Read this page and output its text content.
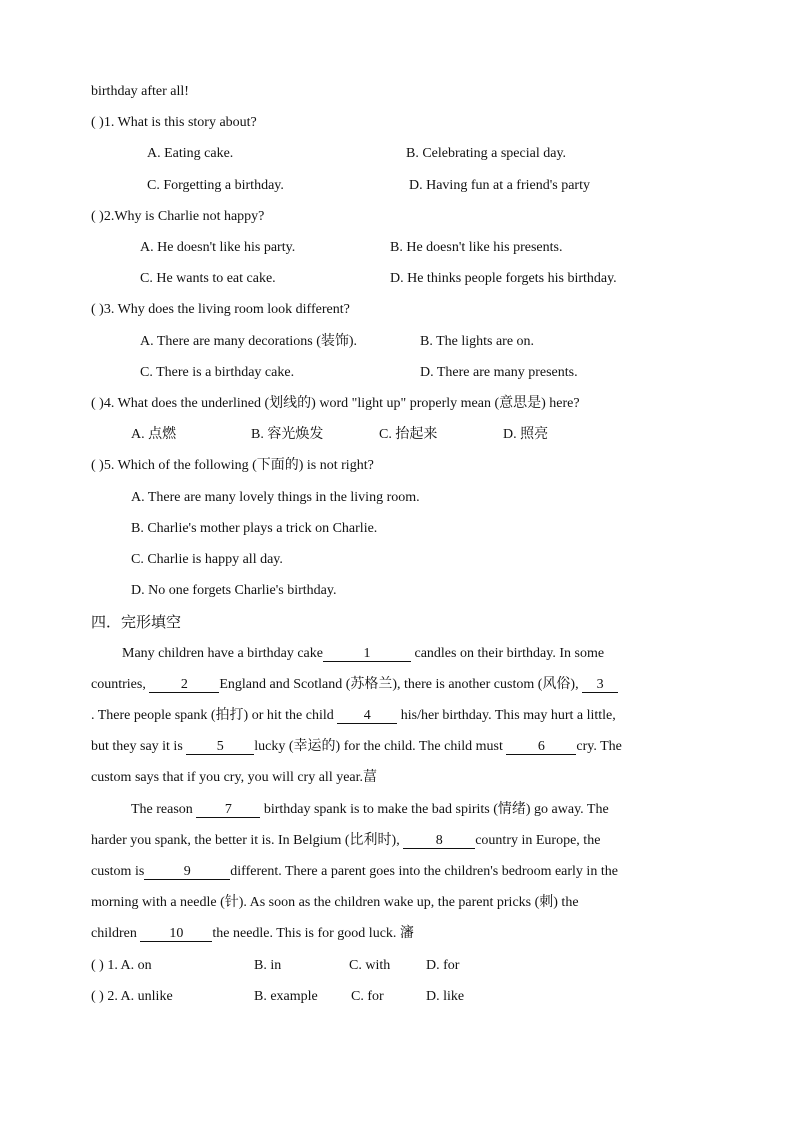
birthday after all!
( )1. What is this story about?
A. Eating cake.	B. Celebrating a special day.
C. Forgetting a birthday.	D. Having fun at a friend's party
( )2.Why is Charlie not happy?
A. He doesn't like his party.	B. He doesn't like his presents.
C. He wants to eat cake.	D. He thinks people forgets his birthday.
( )3. Why does the living room look different?
A. There are many decorations (装饰).	B. The lights are on.
C. There is a birthday cake.	D. There are many presents.
( )4. What does the underlined (划线的) word "light up" properly mean (意思是) here?
A. 点燃	B. 容光焕发	C. 抬起来	D. 照亮
( )5. Which of the following (下面的) is not right?
A. There are many lovely things in the living room.
B. Charlie's mother plays a trick on Charlie.
C. Charlie is happy all day.
D. No one forgets Charlie's birthday.
四．完形填空
Many children have a birthday cake	1	candles on their birthday. In some
countries, 2 England and Scotland (苏格兰), there is another custom (风俗), 3
. There people spank (拍打) or hit the child 4 his/her birthday. This may hurt a little,
but they say it is 5 lucky (幸运的) for the child. The child must 6 cry. The
custom says that if you cry, you will cry all year.葍
The reason 7 birthday spank is to make the bad spirits (情绪) go away. The
harder you spank, the better it is. In Belgium (比利时), 8 country in Europe, the
custom is	9	different. There a parent goes into the children's bedroom early in the
morning with a needle (针). As soon as the children wake up, the parent pricks (刺) the
children 10 the needle. This is for good luck. 瀋
( ) 1. A. on	B. in	C. with	D. for
( ) 2. A. unlike	B. example C. for	D. like
